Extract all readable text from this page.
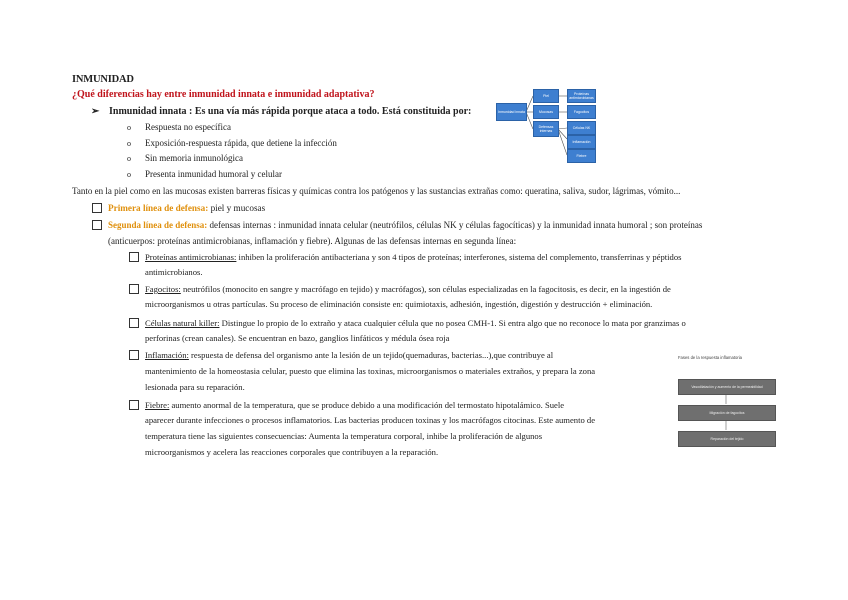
INMUNIDAD
¿Qué diferencias hay entre inmunidad innata e inmunidad adaptativa?
➢ Inmunidad innata : Es una vía más rápida porque ataca a todo. Está constituida por:
o Respuesta no específica
o Exposición-respuesta rápida, que detiene la infección
o Sin memoria inmunológica
o Presenta inmunidad humoral y celular
Inmunidad innata
Piel
Mucosas
Defensas internas
Proteínas antimicrobianas
Fagocitos
Células NK
Inflamación
Fiebre
Tanto en la piel como en las mucosas existen barreras físicas y químicas contra los patógenos y las sustancias extrañas como: queratina, saliva, sudor, lágrimas, vómito...
Primera línea de defensa: piel y mucosas
Segunda línea de defensa: defensas internas : inmunidad innata celular (neutrófilos, células NK y células fagocíticas) y la inmunidad innata humoral ; son proteínas
(anticuerpos: proteínas antimicrobianas, inflamación y fiebre). Algunas de las defensas internas en segunda línea:
Proteínas antimicrobianas: inhiben la proliferación antibacteriana y son 4 tipos de proteínas; interferones, sistema del complemento, transferrinas y péptidos
antimicrobianos.
Fagocitos: neutrófilos (monocito en sangre y macrófago en tejido) y macrófagos), son células especializadas en la fagocitosis, es decir, en la ingestión de
microorganismos u otras partículas. Su proceso de eliminación consiste en: quimiotaxis, adhesión, ingestión, digestión y destrucción + eliminación.
Células natural killer: Distingue lo propio de lo extraño y ataca cualquier célula que no posea CMH-1. Si entra algo que no reconoce lo mata por granzimas o
perforinas (crean canales). Se encuentran en bazo, ganglios linfáticos y médula ósea roja
Inflamación: respuesta de defensa del organismo ante la lesión de un tejido(quemaduras, bacterias...),que contribuye al
mantenimiento de la homeostasia celular, puesto que elimina las toxinas, microorganismos o materiales extraños, y prepara la zona
lesionada para su reparación.
Fiebre: aumento anormal de la temperatura, que se produce debido a una modificación del termostato hipotalámico. Suele
aparecer durante infecciones o procesos inflamatorios. Las bacterias producen toxinas y los macrófagos citocinas. Este aumento de
temperatura tiene las siguientes consecuencias: Aumenta la temperatura corporal, inhibe la proliferación de algunos
microorganismos y acelera las reacciones corporales que contribuyen a la reparación.
Fases de la respuesta inflamatoria
Vasodilatación y aumento de la permeabilidad
Migración de fagocitos
Reparación del tejido
